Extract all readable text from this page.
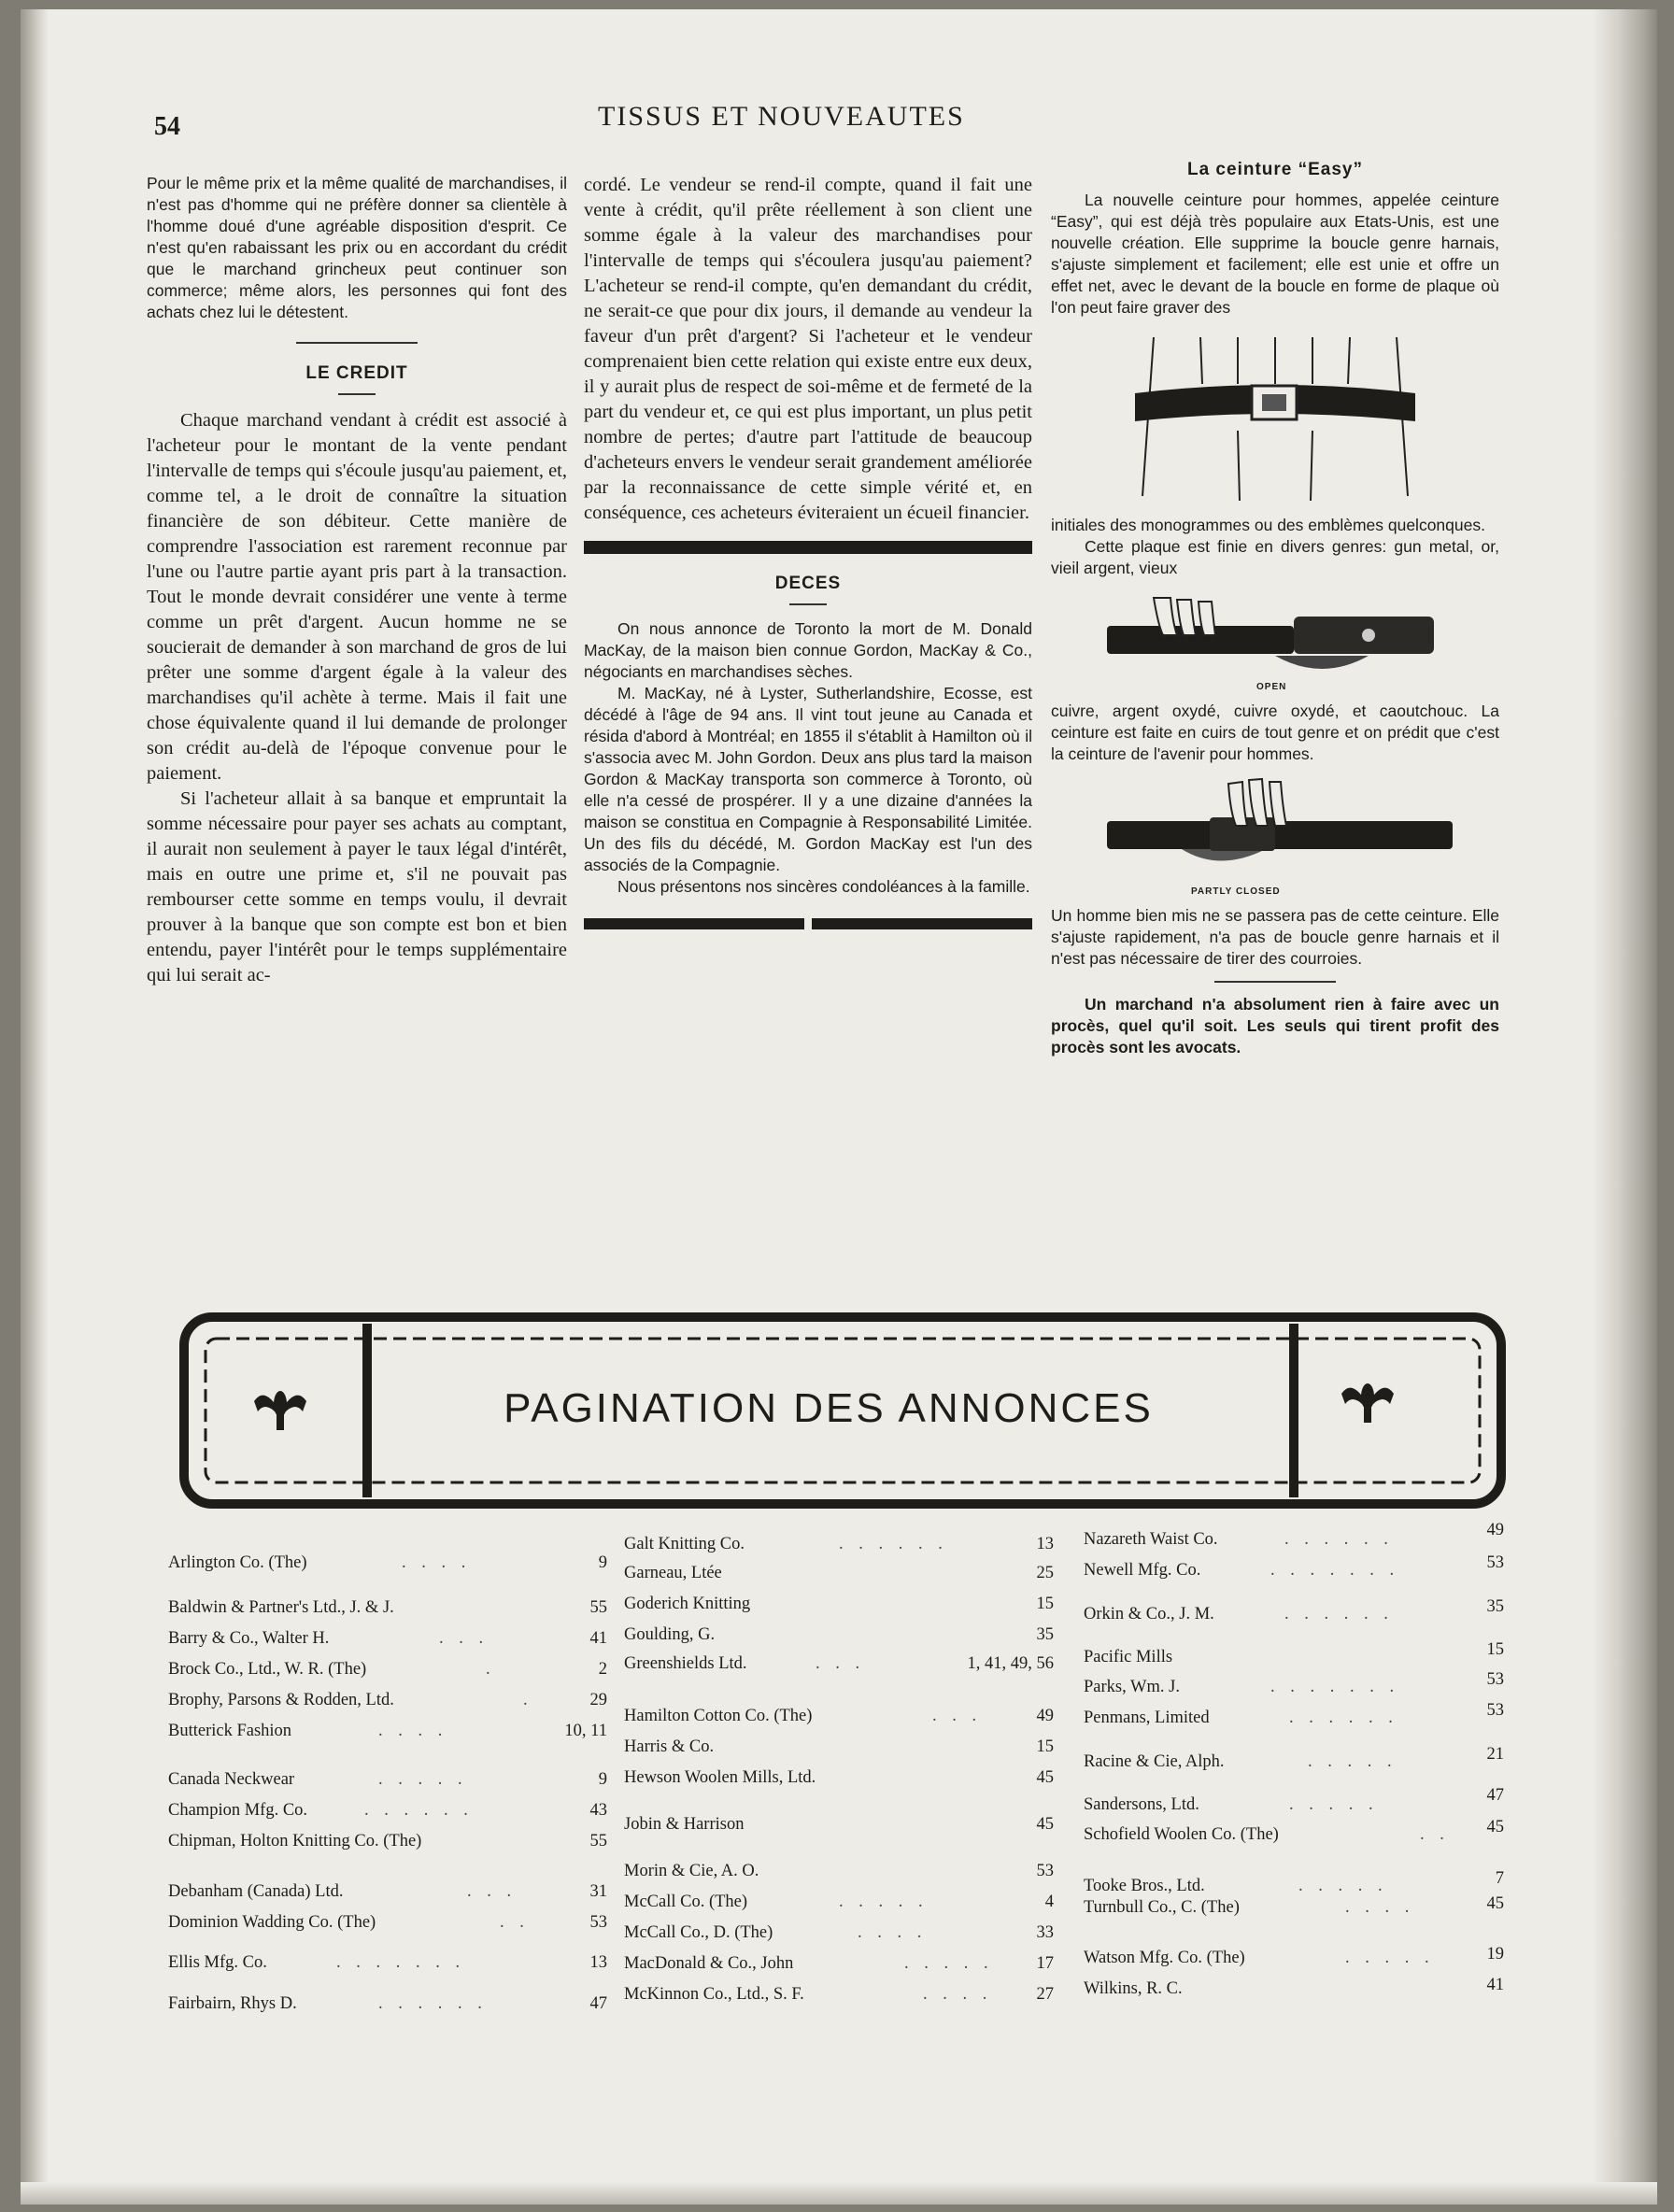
54	TISSUS ET NOUVEAUTES

Pour le même prix et la même qualité de marchandises, il n'est pas d'homme qui ne préfère donner sa clientèle à l'homme doué d'une agréable disposition d'esprit. Ce n'est qu'en rabaissant les prix ou en accordant du crédit que le marchand grincheux peut continuer son commerce; même alors, les personnes qui font des achats chez lui le détestent.

LE CREDIT

Chaque marchand vendant à crédit est associé à l'acheteur pour le montant de la vente pendant l'intervalle de temps qui s'écoule jusqu'au paiement, et, comme tel, a le droit de connaître la situation financière de son débiteur. Cette manière de comprendre l'association est rarement reconnue par l'une ou l'autre partie ayant pris part à la transaction. Tout le monde devrait considérer une vente à terme comme un prêt d'argent. Aucun homme ne se soucierait de demander à son marchand de gros de lui prêter une somme d'argent égale à la valeur des marchandises qu'il achète à terme. Mais il fait une chose équivalente quand il lui demande de prolonger son crédit au-delà de l'époque convenue pour le paiement.

Si l'acheteur allait à sa banque et empruntait la somme nécessaire pour payer ses achats au comptant, il aurait non seulement à payer le taux légal d'intérêt, mais en outre une prime et, s'il ne pouvait pas rembourser cette somme en temps voulu, il devrait prouver à la banque que son compte est bon et bien entendu, payer l'intérêt pour le temps supplémentaire qui lui serait ac-

cordé. Le vendeur se rend-il compte, quand il fait une vente à crédit, qu'il prête réellement à son client une somme égale à la valeur des marchandises pour l'intervalle de temps qui s'écoulera jusqu'au paiement? L'acheteur se rend-il compte, qu'en demandant du crédit, ne serait-ce que pour dix jours, il demande au vendeur la faveur d'un prêt d'argent? Si l'acheteur et le vendeur comprenaient bien cette relation qui existe entre eux deux, il y aurait plus de respect de soi-même et de fermeté de la part du vendeur et, ce qui est plus important, un plus petit nombre de pertes; d'autre part l'attitude de beaucoup d'acheteurs envers le vendeur serait grandement améliorée par la reconnaissance de cette simple vérité et, en conséquence, ces acheteurs éviteraient un écueil financier.

DECES

On nous annonce de Toronto la mort de M. Donald MacKay, de la maison bien connue Gordon, MacKay & Co., négociants en marchandises sèches.

M. MacKay, né à Lyster, Sutherlandshire, Ecosse, est décédé à l'âge de 94 ans. Il vint tout jeune au Canada et résida d'abord à Montréal; en 1855 il s'établit à Hamilton où il s'associa avec M. John Gordon. Deux ans plus tard la maison Gordon & MacKay transporta son commerce à Toronto, où elle n'a cessé de prospérer. Il y a une dizaine d'années la maison se constitua en Compagnie à Responsabilité Limitée. Un des fils du décédé, M. Gordon MacKay est l'un des associés de la Compagnie.

Nous présentons nos sincères condoléances à la famille.

La ceinture “Easy”

La nouvelle ceinture pour hommes, appelée ceinture “Easy”, qui est déjà très populaire aux Etats-Unis, est une nouvelle création. Elle supprime la boucle genre harnais, s'ajuste simplement et facilement; elle est unie et offre un effet net, avec le devant de la boucle en forme de plaque où l'on peut faire graver des

initiales des monogrammes ou des emblèmes quelconques.

Cette plaque est finie en divers genres: gun metal, or, vieil argent, vieux

OPEN

cuivre, argent oxydé, cuivre oxydé, et caoutchouc. La ceinture est faite en cuirs de tout genre et on prédit que c'est la ceinture de l'avenir pour hommes.

PARTLY CLOSED

Un homme bien mis ne se passera pas de cette ceinture. Elle s'ajuste rapidement, n'a pas de boucle genre harnais et il n'est pas nécessaire de tirer des courroies.

Un marchand n'a absolument rien à faire avec un procès, quel qu'il soit. Les seuls qui tirent profit des procès sont les avocats.

PAGINATION DES ANNONCES
Arlington Co. (The)	. . . .	9
Baldwin & Partner's Ltd., J. & J.	55
Barry & Co., Walter H.	. . .	41
Brock Co., Ltd., W. R. (The)	.	2
Brophy, Parsons & Rodden, Ltd.	.	29
Butterick Fashion	. . . .	10, 11
Canada Neckwear	. . . . .	9
Champion Mfg. Co.	. . . . . .	43
Chipman, Holton Knitting Co. (The)	55
Debanham (Canada) Ltd.	. . .	31
Dominion Wadding Co. (The)	. .	53
Ellis Mfg. Co.	. . . . . . .	13
Fairbairn, Rhys D.	. . . . . .	47
Galt Knitting Co.	. . . . . .	13
Garneau, Ltée	25
Goderich Knitting	15
Goulding, G.	35
Greenshields Ltd.	. . .	1, 41, 49, 56
Hamilton Cotton Co. (The)	. . .	49
Harris & Co.	15
Hewson Woolen Mills, Ltd.	45
Jobin & Harrison	45
Morin & Cie, A. O.	53
McCall Co. (The)	. . . . .	4
McCall Co., D. (The)	. . . .	33
MacDonald & Co., John	. . . . . 17
McKinnon Co., Ltd., S. F.	. . . .	27
Nazareth Waist Co.	. . . . . .	49
Newell Mfg. Co.	. . . . . . .	53
Orkin & Co., J. M.	. . . . . .	35
Pacific Mills	15
Parks, Wm. J.	. . . . . . .	53
Penmans, Limited	. . . . . .	53
Racine & Cie, Alph.	. . . . .	21
Sandersons, Ltd.	. . . . .	47
Schofield Woolen Co. (The)	. . 45
Tooke Bros., Ltd.	. . . . .	7
Turnbull Co., C. (The)	. . . .	45
Watson Mfg. Co. (The)	. . . . .	19
Wilkins, R. C.	41
